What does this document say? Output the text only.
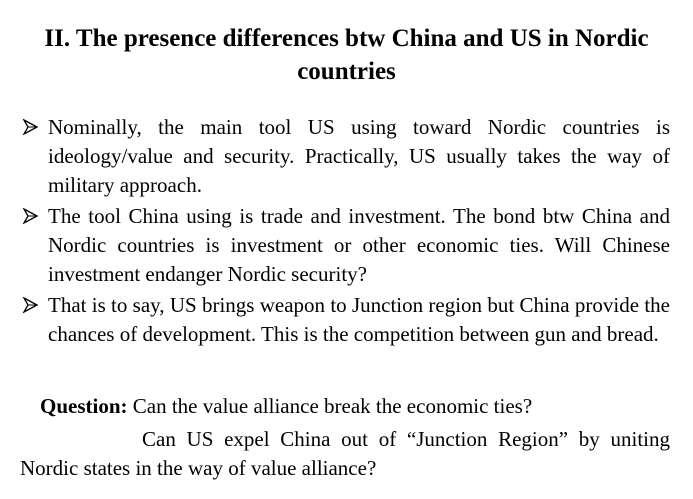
II. The presence differences btw China and US in Nordic countries
Nominally, the main tool US using toward Nordic countries is ideology/value and security. Practically, US usually takes the way of military approach.
The tool China using is trade and investment. The bond btw China and Nordic countries is investment or other economic ties. Will Chinese investment endanger Nordic security?
That is to say, US brings weapon to Junction region but China provide the chances of development. This is the competition between gun and bread.

Question: Can the value alliance break the economic ties?

Can US expel China out of “Junction Region” by uniting Nordic states in the way of value alliance?
